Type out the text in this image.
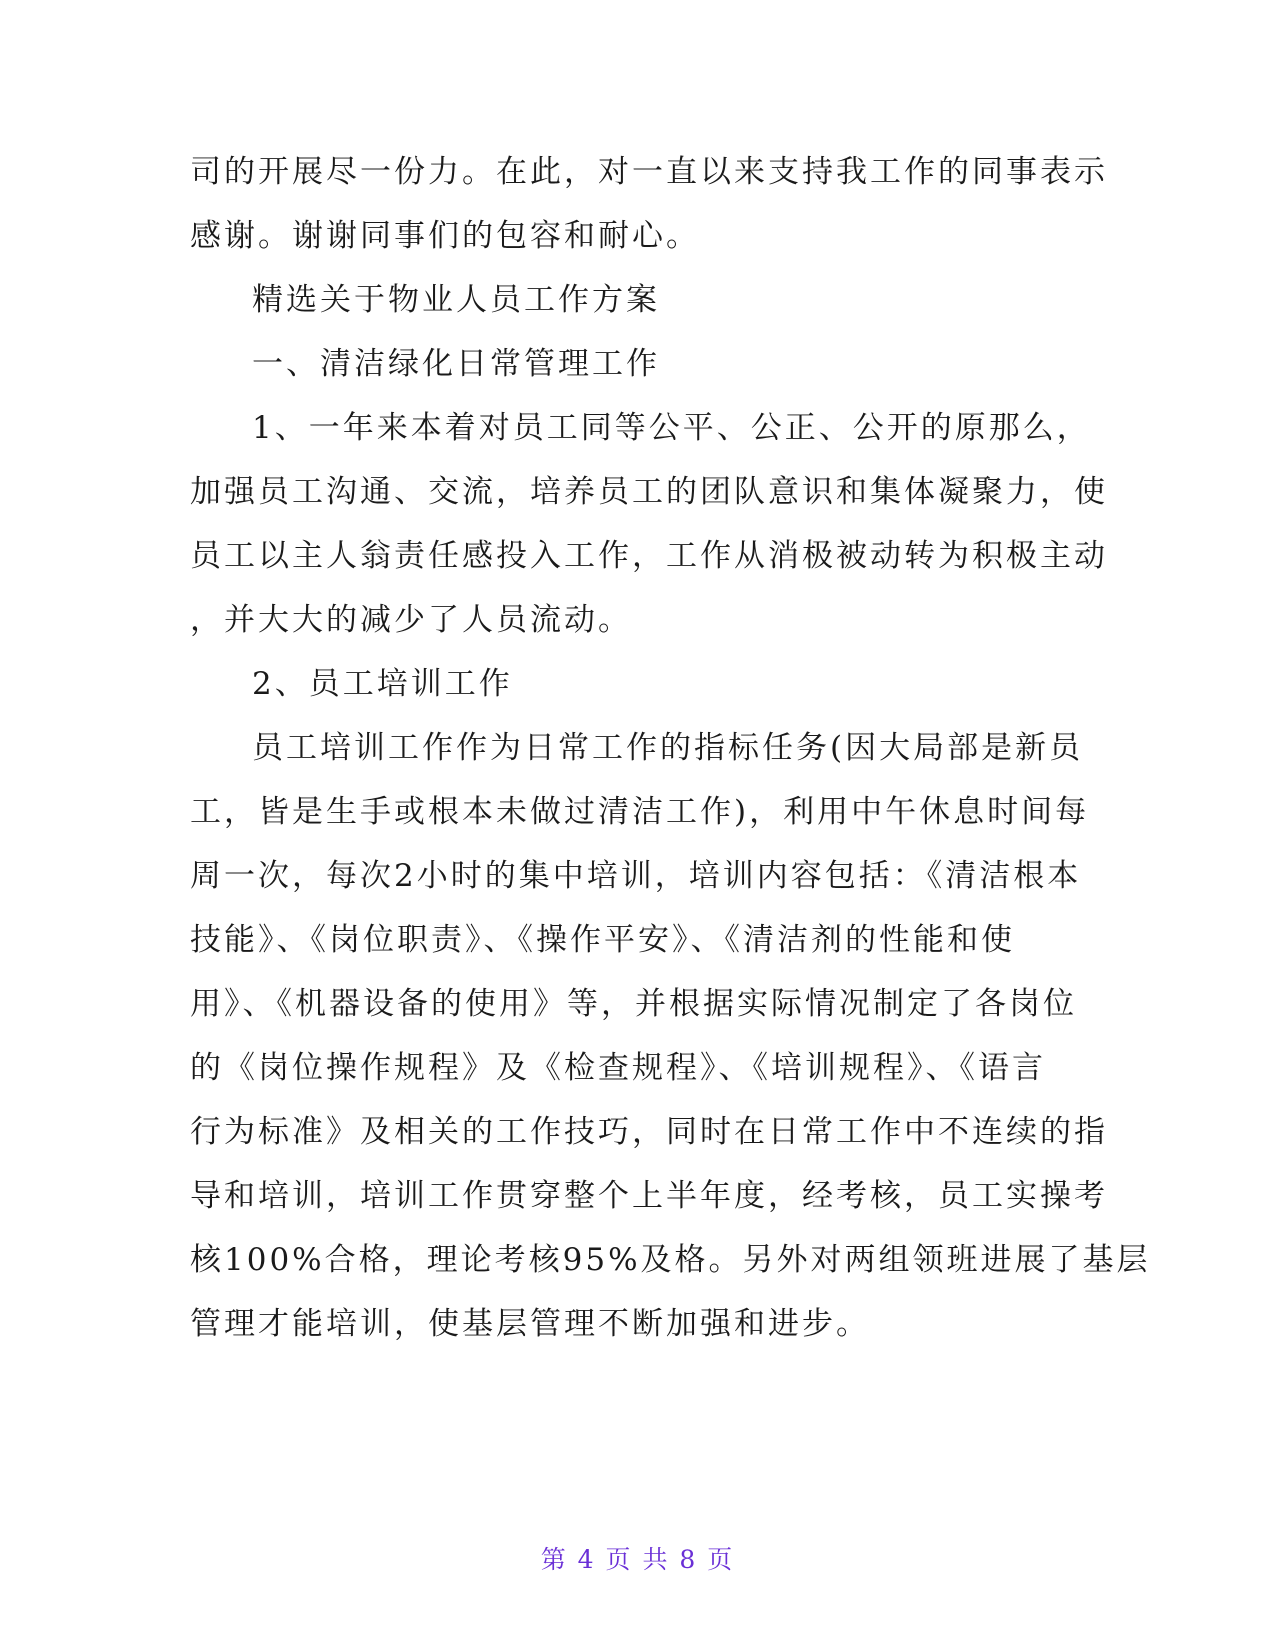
司的开展尽一份力。在此，对一直以来支持我工作的同事表示
感谢。谢谢同事们的包容和耐心。
精选关于物业人员工作方案
一、清洁绿化日常管理工作
1、一年来本着对员工同等公平、公正、公开的原那么，
加强员工沟通、交流，培养员工的团队意识和集体凝聚力，使
员工以主人翁责任感投入工作，工作从消极被动转为积极主动
，并大大的减少了人员流动。
2、员工培训工作
员工培训工作作为日常工作的指标任务(因大局部是新员
工，皆是生手或根本未做过清洁工作)，利用中午休息时间每
周一次，每次2小时的集中培训，培训内容包括：《清洁根本
技能》、《岗位职责》、《操作平安》、《清洁剂的性能和使
用》、《机器设备的使用》等，并根据实际情况制定了各岗位
的《岗位操作规程》及《检查规程》、《培训规程》、《语言
行为标准》及相关的工作技巧，同时在日常工作中不连续的指
导和培训，培训工作贯穿整个上半年度，经考核，员工实操考
核100%合格，理论考核95%及格。另外对两组领班进展了基层
管理才能培训，使基层管理不断加强和进步。
第 4 页 共 8 页
